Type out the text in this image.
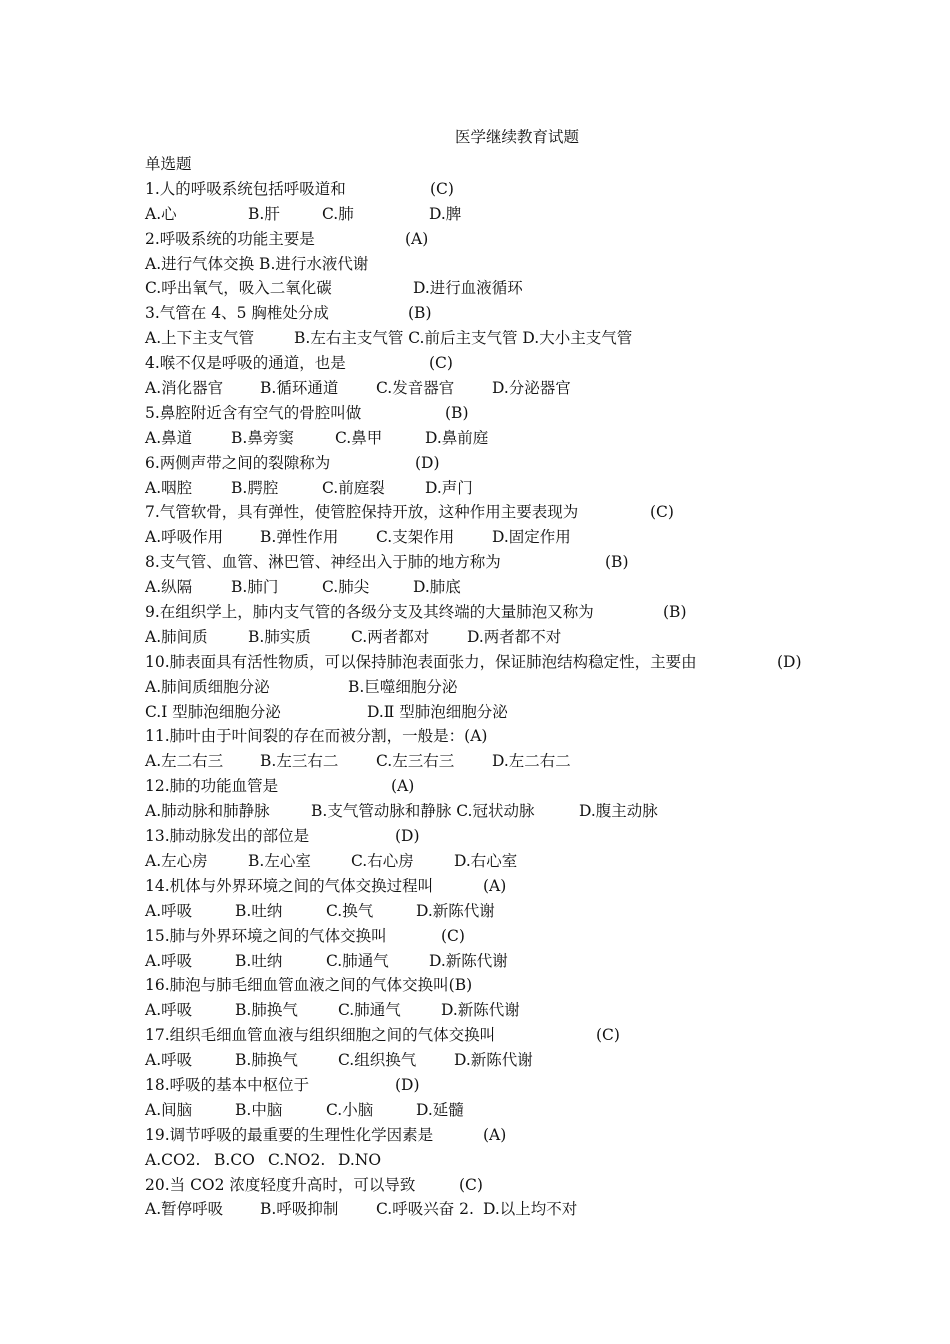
医学继续教育试题
单选题
1.人的呼吸系统包括呼吸道和	(C)
A.心	B.肝	C.肺	D.脾
2.呼吸系统的功能主要是	(A)
A.进行气体交换 B.进行水液代谢
C.呼出氧气，吸入二氧化碳	D.进行血液循环
3.气管在 4、5 胸椎处分成	(B)
A.上下主支气管	B.左右主支气管 C.前后主支气管 D.大小主支气管
4.喉不仅是呼吸的通道，也是	(C)
A.消化器官 B.循环通道 C.发音器官 D.分泌器官
5.鼻腔附近含有空气的骨腔叫做	(B)
A.鼻道	B.鼻旁窦	C.鼻甲	D.鼻前庭
6.两侧声带之间的裂隙称为	(D)
A.咽腔	B.腭腔	C.前庭裂	D.声门
7.气管软骨，具有弹性，使管腔保持开放，这种作用主要表现为	(C)
A.呼吸作用 B.弹性作用 C.支架作用 D.固定作用
8.支气管、血管、淋巴管、神经出入于肺的地方称为	(B)
A.纵隔	B.肺门	C.肺尖	D.肺底
9.在组织学上，肺内支气管的各级分支及其终端的大量肺泡又称为	(B)
A.肺间质	B.肺实质	C.两者都对 D.两者都不对
10.肺表面具有活性物质，可以保持肺泡表面张力，保证肺泡结构稳定性，主要由	(D)
A.肺间质细胞分泌	B.巨噬细胞分泌
C.Ⅰ 型肺泡细胞分泌	D.Ⅱ 型肺泡细胞分泌
11.肺叶由于叶间裂的存在而被分割，一般是：(A)
A.左二右三 B.左三右二 C.左三右三 D.左二右二
12.肺的功能血管是	(A)
A.肺动脉和肺静脉	B.支气管动脉和静脉 C.冠状动脉	D.腹主动脉
13.肺动脉发出的部位是	(D)
A.左心房	B.左心室	C.右心房	D.右心室
14.机体与外界环境之间的气体交换过程叫	(A)
A.呼吸	B.吐纳	C.换气	D.新陈代谢
15.肺与外界环境之间的气体交换叫	(C)
A.呼吸	B.吐纳	C.肺通气	D.新陈代谢
16.肺泡与肺毛细血管血液之间的气体交换叫(B)
A.呼吸	B.肺换气	C.肺通气	D.新陈代谢
17.组织毛细血管血液与组织细胞之间的气体交换叫	(C)
A.呼吸	B.肺换气	C.组织换气 D.新陈代谢
18.呼吸的基本中枢位于	(D)
A.间脑	B.中脑	C.小脑	D.延髓
19.调节呼吸的最重要的生理性化学因素是	(A)
A.CO2. B.CO C.NO2. D.NO
20.当 CO2 浓度轻度升高时，可以导致	(C)
A.暂停呼吸 B.呼吸抑制 C.呼吸兴奋 2. D.以上均不对
